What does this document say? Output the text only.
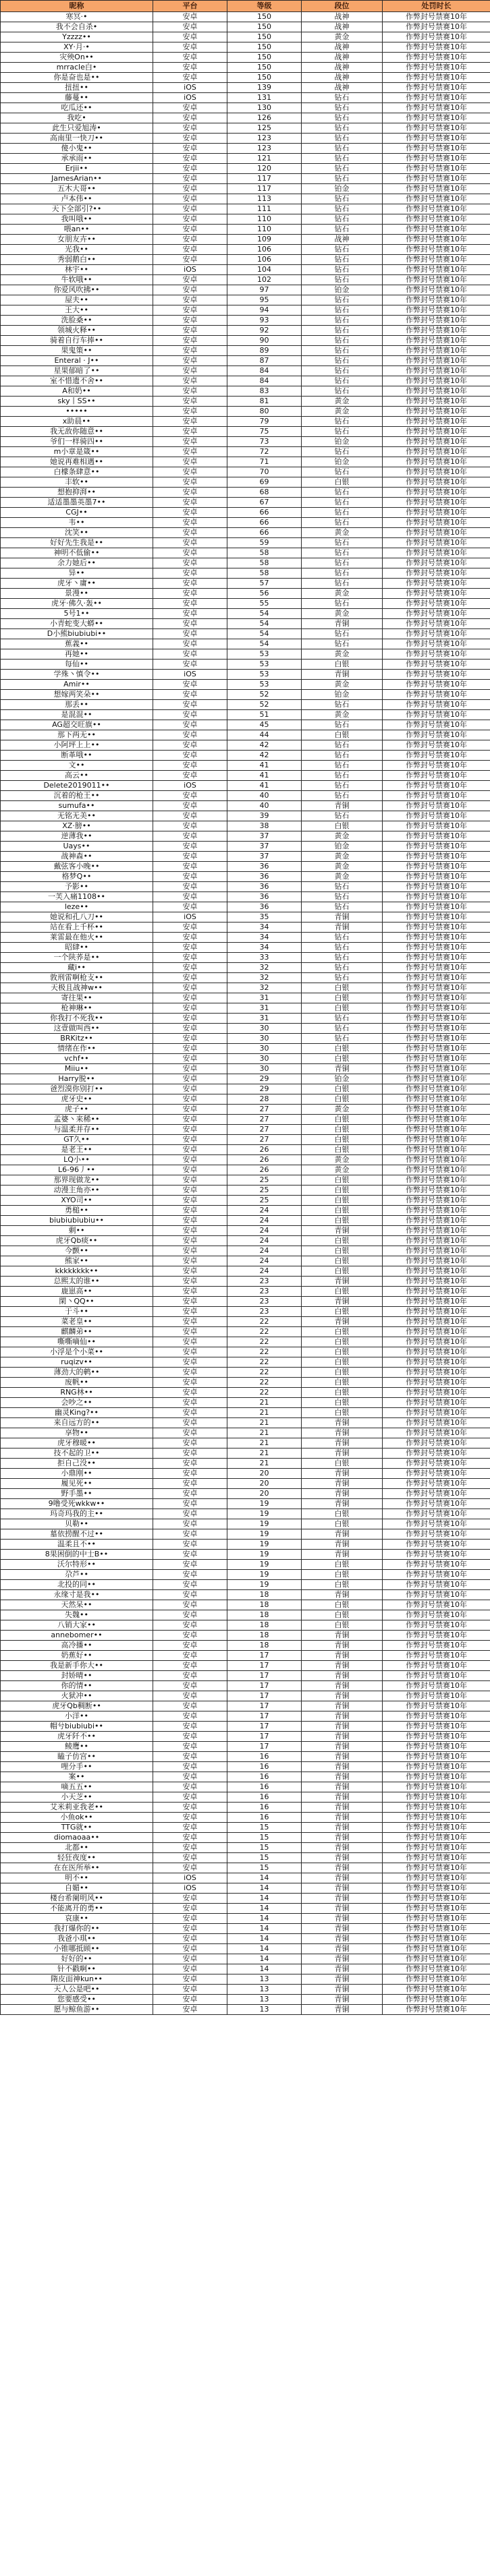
昵称	平台	等级	段位	处罚时长
寒冥·•	安卓	150	战神	作弊封号禁赛10年
我不会自杀•	安卓	150	战神	作弊封号禁赛10年
Yzzzz••	安卓	150	黄金	作弊封号禁赛10年
XY·月·•	安卓	150	战神	作弊封号禁赛10年
灾殃On••	安卓	150	战神	作弊封号禁赛10年
mrracle白•	安卓	150	战神	作弊封号禁赛10年
你是奋也是••	安卓	150	战神	作弊封号禁赛10年
扭扭••	iOS	139	战神	作弊封号禁赛10年
藤蔓••	iOS	131	钻石	作弊封号禁赛10年
吃瓜还••	安卓	130	钻石	作弊封号禁赛10年
我吃•	安卓	126	钻石	作弊封号禁赛10年
此生只爱旭涛•	安卓	125	钻石	作弊封号禁赛10年
高南里一快刀••	安卓	123	钻石	作弊封号禁赛10年
傻小鬼••	安卓	123	钻石	作弊封号禁赛10年
承承雨••	安卓	121	钻石	作弊封号禁赛10年
Erjii••	安卓	120	钻石	作弊封号禁赛10年
JamesArian••	安卓	117	钻石	作弊封号禁赛10年
五木大哥••	安卓	117	铂金	作弊封号禁赛10年
卢本伟••	安卓	113	钻石	作弊封号禁赛10年
天下全部引?••	安卓	111	钻石	作弊封号禁赛10年
我叫哦••	安卓	110	钻石	作弊封号禁赛10年
喂an••	安卓	110	钻石	作弊封号禁赛10年
女朋友卉••	安卓	109	战神	作弊封号禁赛10年
光我••	安卓	106	钻石	作弊封号禁赛10年
秀弱鹅白••	安卓	106	钻石	作弊封号禁赛10年
林宇••	iOS	104	钻石	作弊封号禁赛10年
牛软哦••	安卓	102	钻石	作弊封号禁赛10年
你爱风吹拂••	安卓	97	铂金	作弊封号禁赛10年
屋夫••	安卓	95	钻石	作弊封号禁赛10年
王大••	安卓	94	钻石	作弊封号禁赛10年
洗脸桑••	安卓	93	钻石	作弊封号禁赛10年
领城火释••	安卓	92	钻石	作弊封号禁赛10年
骑着自行车捧••	安卓	90	钻石	作弊封号禁赛10年
果鬼策••	安卓	89	钻石	作弊封号禁赛10年
Enteral · J••	安卓	87	钻石	作弊封号禁赛10年
星果郁暗了••	安卓	84	钻石	作弊封号禁赛10年
室不惜遗不舍••	安卓	84	钻石	作弊封号禁赛10年
A和奶••	安卓	83	钻石	作弊封号禁赛10年
sky丨SS••	安卓	81	黄金	作弊封号禁赛10年
•••••	安卓	80	黄金	作弊封号禁赛10年
x助晨••	安卓	79	钻石	作弊封号禁赛10年
我无敌你随意••	安卓	75	钻石	作弊封号禁赛10年
爷们一样骑四••	安卓	73	铂金	作弊封号禁赛10年
m小章是箴••	安卓	72	钻石	作弊封号禁赛10年
她说再难相遇••	安卓	71	铂金	作弊封号禁赛10年
白檬条肆意••	安卓	70	钻石	作弊封号禁赛10年
丰软••	安卓	69	白银	作弊封号禁赛10年
想抱抑湃••	安卓	68	钻石	作弊封号禁赛10年
适适墨墨英墨7••	安卓	67	钻石	作弊封号禁赛10年
CGJ••	安卓	66	钻石	作弊封号禁赛10年
韦••	安卓	66	钻石	作弊封号禁赛10年
沈笑••	安卓	66	黄金	作弊封号禁赛10年
好好先生我是••	安卓	59	钻石	作弊封号禁赛10年
神明不低偷••	安卓	58	钻石	作弊封号禁赛10年
余力她后••	安卓	58	钻石	作弊封号禁赛10年
异••	安卓	58	钻石	作弊封号禁赛10年
虎牙丶庸••	安卓	57	钻石	作弊封号禁赛10年
景漫••	安卓	56	黄金	作弊封号禁赛10年
虎牙·佛久·轰••	安卓	55	钻石	作弊封号禁赛10年
5号1••	安卓	54	黄金	作弊封号禁赛10年
小青蛇变大蟒••	安卓	54	青铜	作弊封号禁赛10年
D小熊biubiubi••	安卓	54	钻石	作弊封号禁赛10年
蕉義••	安卓	54	钻石	作弊封号禁赛10年
再她••	安卓	53	黄金	作弊封号禁赛10年
每仙••	安卓	53	白银	作弊封号禁赛10年
学殊丶慎令••	iOS	53	青铜	作弊封号禁赛10年
Amir••	安卓	53	黄金	作弊封号禁赛10年
想嫁两笑朵••	安卓	52	铂金	作弊封号禁赛10年
那丢••	安卓	52	钻石	作弊封号禁赛10年
是混混••	安卓	51	黄金	作弊封号禁赛10年
AG超交旺旗••	安卓	45	钻石	作弊封号禁赛10年
那下两无••	安卓	44	白银	作弊封号禁赛10年
小阿坪上上••	安卓	42	钻石	作弊封号禁赛10年
断革哦••	安卓	42	钻石	作弊封号禁赛10年
文••	安卓	41	钻石	作弊封号禁赛10年
高云••	安卓	41	钻石	作弊封号禁赛10年
Delete2019011••	iOS	41	钻石	作弊封号禁赛10年
沉着的枪王••	安卓	40	钻石	作弊封号禁赛10年
sumufa••	安卓	40	青铜	作弊封号禁赛10年
无铭无美••	安卓	39	钻石	作弊封号禁赛10年
XZ·膀••	安卓	38	白银	作弊封号禁赛10年
逆薄我••	安卓	37	黄金	作弊封号禁赛10年
Uays••	安卓	37	铂金	作弊封号禁赛10年
战神森••	安卓	37	黄金	作弊封号禁赛10年
戴弦客小晚••	安卓	36	黄金	作弊封号禁赛10年
格梦Q••	安卓	36	黄金	作弊封号禁赛10年
予影••	安卓	36	钻石	作弊封号禁赛10年
一芙入痛1108••	安卓	36	钻石	作弊封号禁赛10年
leze••	安卓	36	钻石	作弊封号禁赛10年
她说和孔八刀••	iOS	35	青铜	作弊封号禁赛10年
站在看上千杯••	安卓	34	青铜	作弊封号禁赛10年
莱雷最在他火••	安卓	34	钻石	作弊封号禁赛10年
昭肆••	安卓	34	钻石	作弊封号禁赛10年
一个陕荞是••	安卓	33	钻石	作弊封号禁赛10年
藏i••	安卓	32	钻石	作弊封号禁赛10年
敦刑雷啊枪支••	安卓	32	钻石	作弊封号禁赛10年
天极且战神w••	安卓	32	白银	作弊封号禁赛10年
寄往果••	安卓	31	白银	作弊封号禁赛10年
枪神琳••	安卓	31	白银	作弊封号禁赛10年
你我打不死我••	安卓	31	钻石	作弊封号禁赛10年
这壹做叫西••	安卓	30	钻石	作弊封号禁赛10年
BRKitz••	安卓	30	钻石	作弊封号禁赛10年
情绪在作••	安卓	30	白银	作弊封号禁赛10年
vchf••	安卓	30	白银	作弊封号禁赛10年
Miiu••	安卓	30	青铜	作弊封号禁赛10年
Harry脱••	安卓	29	铂金	作弊封号禁赛10年
爸烈漠你别打••	安卓	29	白银	作弊封号禁赛10年
虎牙史••	安卓	28	白银	作弊封号禁赛10年
虎子••	安卓	27	黄金	作弊封号禁赛10年
孟婆丶来稀••	安卓	27	白银	作弊封号禁赛10年
与温柔并存••	安卓	27	白银	作弊封号禁赛10年
GT久••	安卓	27	白银	作弊封号禁赛10年
是老王••	安卓	26	白银	作弊封号禁赛10年
LQ小••	安卓	26	黄金	作弊封号禁赛10年
L6-96丿••	安卓	26	黄金	作弊封号禁赛10年
那界现做龙••	安卓	25	白银	作弊封号禁赛10年
动漫主角亦••	安卓	25	白银	作弊封号禁赛10年
XYO司••	安卓	25	白银	作弊封号禁赛10年
勇槌••	安卓	24	白银	作弊封号禁赛10年
biubiubiubiu••	安卓	24	白银	作弊封号禁赛10年
剩••	安卓	24	青铜	作弊封号禁赛10年
虎牙Qb痰••	安卓	24	白银	作弊封号禁赛10年
今颤••	安卓	24	白银	作弊封号禁赛10年
熊家••	安卓	24	白银	作弊封号禁赛10年
kkkkkkkk••	安卓	24	白银	作弊封号禁赛10年
总熙太的谁••	安卓	23	青铜	作弊封号禁赛10年
鹿崽高••	安卓	23	白银	作弊封号禁赛10年
閑丶QQ••	安卓	23	青铜	作弊封号禁赛10年
于斗••	安卓	23	白银	作弊封号禁赛10年
菜老皇••	安卓	22	青铜	作弊封号禁赛10年
麒麟弟••	安卓	22	白银	作弊封号禁赛10年
嘶嘶嘀仙••	安卓	22	白银	作弊封号禁赛10年
小浮是个小菜••	安卓	22	白银	作弊封号禁赛10年
ruqizv••	安卓	22	白银	作弊封号禁赛10年
薄劲大的鹌••	安卓	22	白银	作弊封号禁赛10年
废帆••	安卓	22	白银	作弊封号禁赛10年
RNG林••	安卓	22	白银	作弊封号禁赛10年
会吵之••	安卓	21	白银	作弊封号禁赛10年
幽灵King?••	安卓	21	白银	作弊封号禁赛10年
来自远方的••	安卓	21	青铜	作弊封号禁赛10年
享物••	安卓	21	青铜	作弊封号禁赛10年
虎牙穆暖••	安卓	21	青铜	作弊封号禁赛10年
技不起的卫••	安卓	21	青铜	作弊封号禁赛10年
拒自己没••	安卓	21	白银	作弊封号禁赛10年
小鼎刚••	安卓	20	青铜	作弊封号禁赛10年
履见死••	安卓	20	青铜	作弊封号禁赛10年
野手墨••	安卓	20	青铜	作弊封号禁赛10年
9噜受死wkkw••	安卓	19	青铜	作弊封号禁赛10年
玛奇玛我的主••	安卓	19	白银	作弊封号禁赛10年
贝勒••	安卓	19	白银	作弊封号禁赛10年
墓依捞醒不过••	安卓	19	青铜	作弊封号禁赛10年
温柔且不••	安卓	19	青铜	作弊封号禁赛10年
8果困倒的中士B••	安卓	19	青铜	作弊封号禁赛10年
沃尔特形••	安卓	19	白银	作弊封号禁赛10年
尕芦••	安卓	19	白银	作弊封号禁赛10年
北投的同••	安卓	19	白银	作弊封号禁赛10年
永缘寸是我••	安卓	18	青铜	作弊封号禁赛10年
天然呆••	安卓	18	白银	作弊封号禁赛10年
失魏••	安卓	18	白银	作弊封号禁赛10年
八销大家••	安卓	18	白银	作弊封号禁赛10年
annebomer••	安卓	18	青铜	作弊封号禁赛10年
高冷播••	安卓	18	青铜	作弊封号禁赛10年
奶蕉好••	安卓	17	青铜	作弊封号禁赛10年
我是新手你大••	安卓	17	青铜	作弊封号禁赛10年
封娇晴••	安卓	17	青铜	作弊封号禁赛10年
你的情••	安卓	17	青铜	作弊封号禁赛10年
火狱冲••	安卓	17	青铜	作弊封号禁赛10年
虎牙Qb稠断••	安卓	17	青铜	作弊封号禁赛10年
小洋••	安卓	17	青铜	作弊封号禁赛10年
帽兮biubiubi••	安卓	17	青铜	作弊封号禁赛10年
虎牙阡不••	安卓	17	青铜	作弊封号禁赛10年
鲮鹰••	安卓	17	青铜	作弊封号禁赛10年
瞌子仿宫••	安卓	16	青铜	作弊封号禁赛10年
哩分手••	安卓	16	青铜	作弊封号禁赛10年
案••	安卓	16	青铜	作弊封号禁赛10年
嘀五五••	安卓	16	青铜	作弊封号禁赛10年
小天芝••	安卓	16	青铜	作弊封号禁赛10年
艾米莉亚我老••	安卓	16	青铜	作弊封号禁赛10年
小鱼ok••	安卓	16	青铜	作弊封号禁赛10年
TTG就••	安卓	15	青铜	作弊封号禁赛10年
diomaoaa••	安卓	15	青铜	作弊封号禁赛10年
北都••	安卓	15	青铜	作弊封号禁赛10年
轻狂夜度••	安卓	15	青铜	作弊封号禁赛10年
在在医所举••	安卓	15	青铜	作弊封号禁赛10年
明不••	iOS	14	青铜	作弊封号禁赛10年
自媚••	iOS	14	青铜	作弊封号禁赛10年
楼台希阑明风••	安卓	14	青铜	作弊封号禁赛10年
不能离开的勇••	安卓	14	青铜	作弊封号禁赛10年
哀康••	安卓	14	青铜	作弊封号禁赛10年
我打爆你的••	安卓	14	青铜	作弊封号禁赛10年
我爸小琪••	安卓	14	青铜	作弊封号禁赛10年
小锥哪抵顾••	安卓	14	青铜	作弊封号禁赛10年
好好的••	安卓	14	青铜	作弊封号禁赛10年
针不戳啊••	安卓	14	青铜	作弊封号禁赛10年
隋皮面神kun••	安卓	13	青铜	作弊封号禁赛10年
天人公是吧••	安卓	13	青铜	作弊封号禁赛10年
您要感受••	安卓	13	青铜	作弊封号禁赛10年
愿与鲸鱼游••	安卓	13	青铜	作弊封号禁赛10年
